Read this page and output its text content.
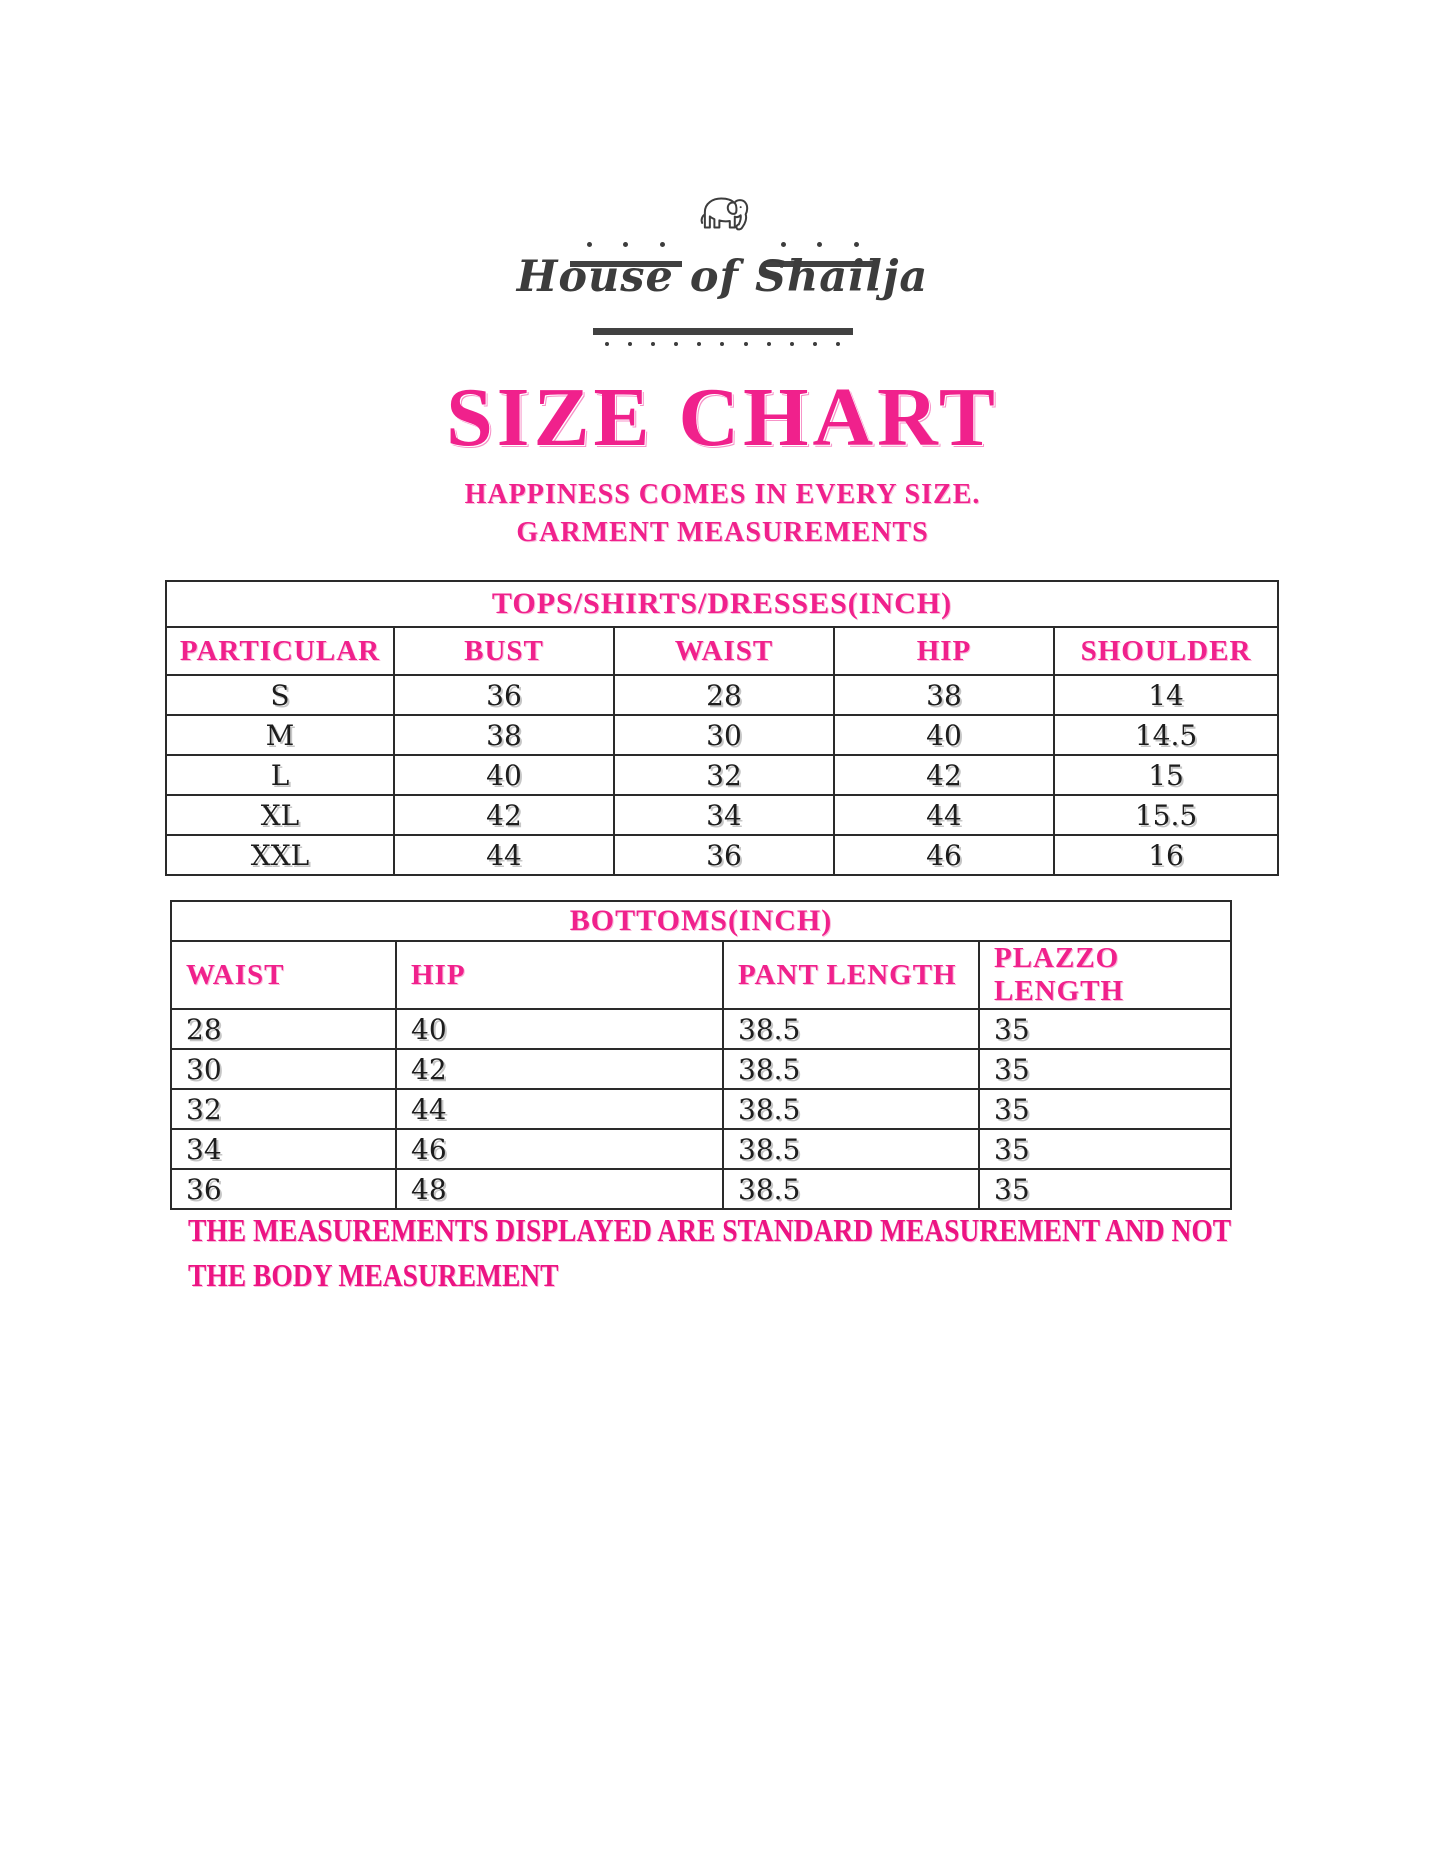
House of Shailja
SIZE CHART
HAPPINESS COMES IN EVERY SIZE.
GARMENT MEASUREMENTS
TOPS/SHIRTS/DRESSES(INCH)				
PARTICULAR	BUST	WAIST	HIP	SHOULDER
S	36	28	38	14
M	38	30	40	14.5
L	40	32	42	15
XL	42	34	44	15.5
XXL	44	36	46	16
BOTTOMS(INCH)			
WAIST	HIP	PANT LENGTH	PLAZZO LENGTH
28	40	38.5	35
30	42	38.5	35
32	44	38.5	35
34	46	38.5	35
36	48	38.5	35
THE MEASUREMENTS DISPLAYED ARE STANDARD MEASUREMENT AND NOT THE BODY MEASUREMENT
